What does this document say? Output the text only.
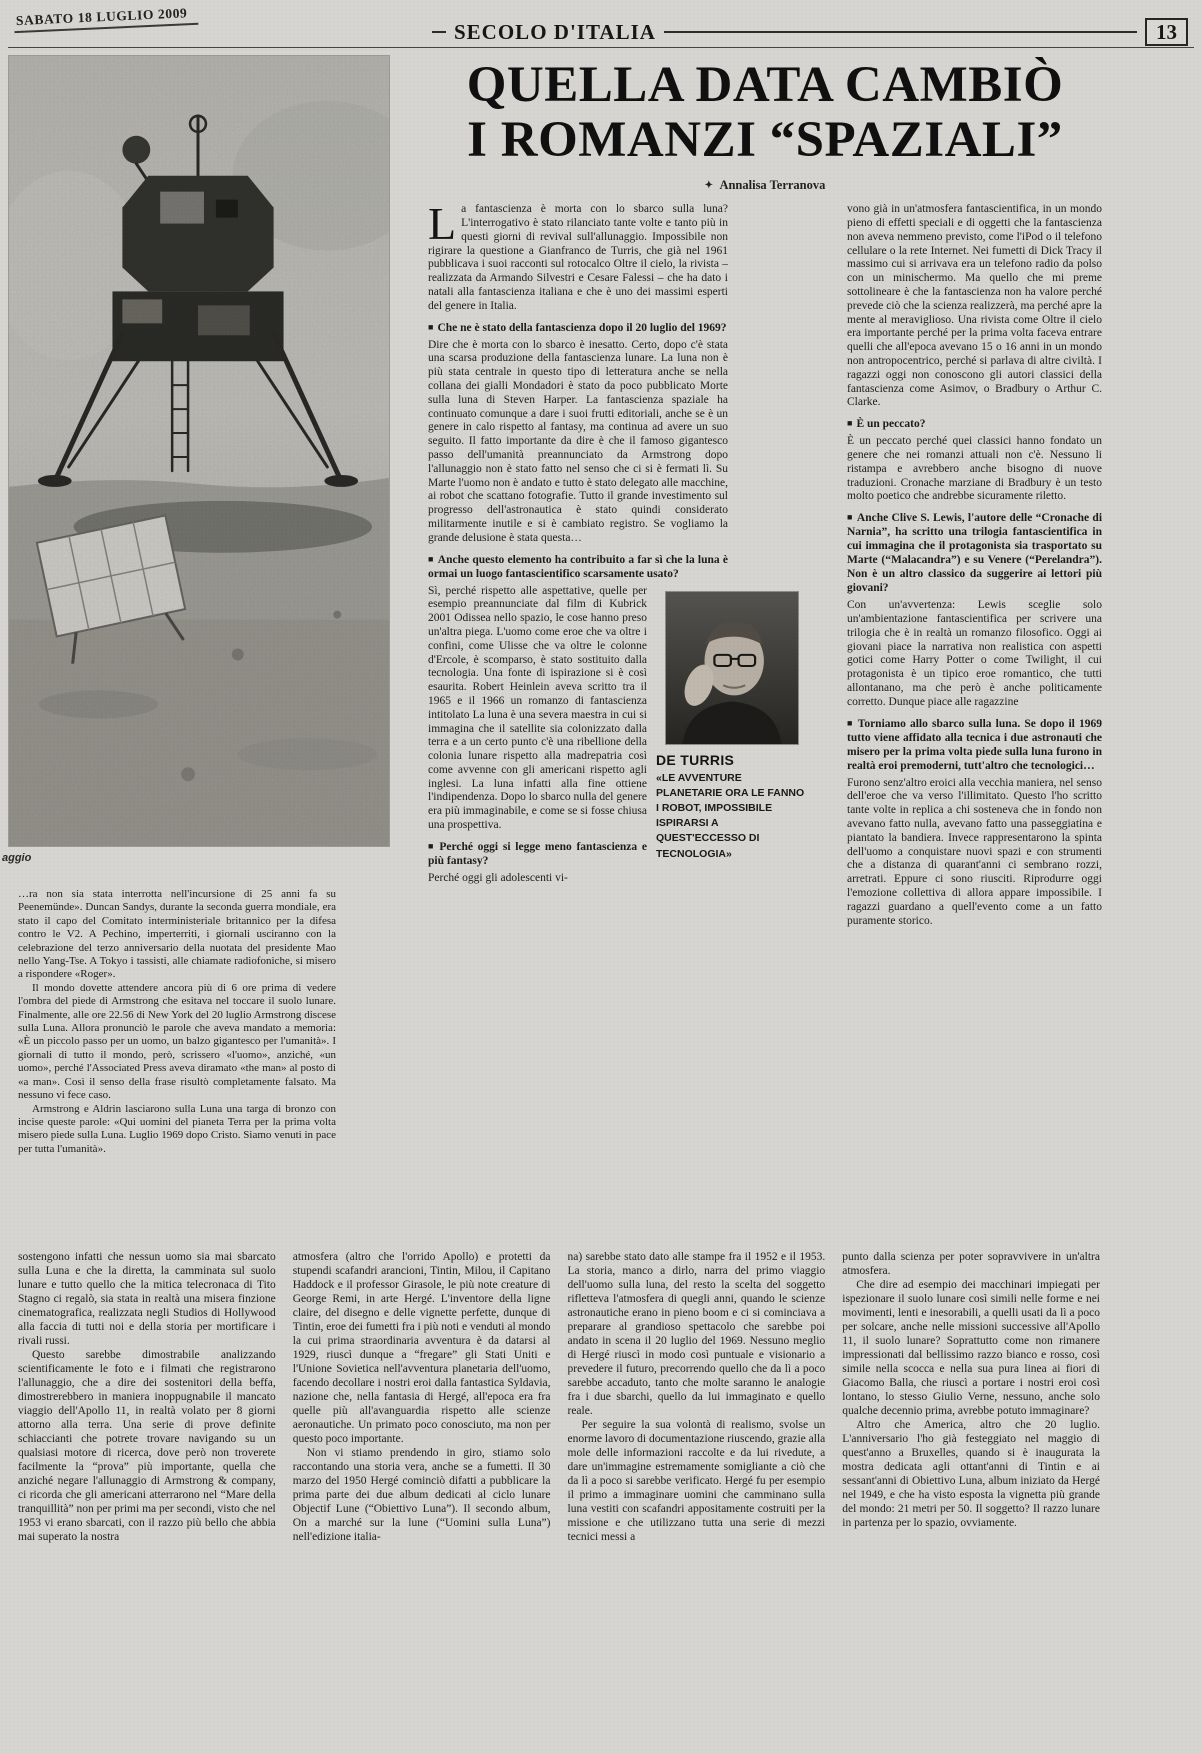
SABATO 18 LUGLIO 2009
SECOLO D'ITALIA	13
aggio

…ra non sia stata interrotta nell'incursione di 25 anni fa su Peenemünde». Duncan Sandys, durante la seconda guerra mondiale, era stato il capo del Comitato interministeriale britannico per la difesa contro le V2. A Pechino, imperterriti, i giornali usciranno con la celebrazione del terzo anniversario della nuotata del presidente Mao nello Yang-Tse. A Tokyo i tassisti, alle chiamate radiofoniche, si misero a rispondere «Roger».

Il mondo dovette attendere ancora più di 6 ore prima di vedere l'ombra del piede di Armstrong che esitava nel toccare il suolo lunare. Finalmente, alle ore 22.56 di New York del 20 luglio Armstrong discese sulla Luna. Allora pronunciò le parole che aveva mandato a memoria: «È un piccolo passo per un uomo, un balzo gigantesco per l'umanità». I giornali di tutto il mondo, però, scrissero «l'uomo», anziché, «un uomo», perché l'Associated Press aveva diramato «the man» al posto di «a man». Così il senso della frase risultò completamente falsato. Ma nessuno vi fece caso.

Armstrong e Aldrin lasciarono sulla Luna una targa di bronzo con incise queste parole: «Qui uomini del pianeta Terra per la prima volta misero piede sulla Luna. Luglio 1969 dopo Cristo. Siamo venuti in pace per tutta l'umanità».

QUELLA DATA CAMBIÒ
I ROMANZI “SPAZIALI”
✦ Annalisa Terranova

La fantascienza è morta con lo sbarco sulla luna? L'interrogativo è stato rilanciato tante volte e tanto più in questi giorni di revival sull'allunaggio. Impossibile non rigirare la questione a Gianfranco de Turris, che già nel 1961 pubblicava i suoi racconti sul rotocalco Oltre il cielo, la rivista – realizzata da Armando Silvestri e Cesare Falessi – che ha dato i natali alla fantascienza italiana e che è uno dei massimi esperti del genere in Italia.

■ Che ne è stato della fantascienza dopo il 20 luglio del 1969?

Dire che è morta con lo sbarco è inesatto. Certo, dopo c'è stata una scarsa produzione della fantascienza lunare. La luna non è più stata centrale in questo tipo di letteratura anche se nella collana dei gialli Mondadori è stato da poco pubblicato Morte sulla luna di Steven Harper. La fantascienza spaziale ha continuato comunque a dare i suoi frutti editoriali, anche se è un genere in calo rispetto al fantasy, ma continua ad avere un suo seguito. Il fatto importante da dire è che il famoso gigantesco passo dell'umanità preannunciato da Armstrong dopo l'allunaggio non è stato fatto nel senso che ci si è fermati lì. Su Marte l'uomo non è andato e tutto è stato delegato alle macchine, ai robot che scattano fotografie. Tutto il grande investimento sul progresso dell'astronautica è stato quindi considerato militarmente inutile e si è cambiato registro. Se vogliamo la grande delusione è stata questa…

■ Anche questo elemento ha contribuito a far sì che la luna è ormai un luogo fantascientifico scarsamente usato?

DE TURRIS
«LE AVVENTURE PLANETARIE ORA LE FANNO I ROBOT, IMPOSSIBILE ISPIRARSI A QUEST'ECCESSO DI TECNOLOGIA»

Sì, perché rispetto alle aspettative, quelle per esempio preannunciate dal film di Kubrick 2001 Odissea nello spazio, le cose hanno preso un'altra piega. L'uomo come eroe che va oltre i confini, come Ulisse che va oltre le colonne d'Ercole, è scomparso, è stato sostituito dalla tecnologia. Una fonte di ispirazione si è così esaurita. Robert Heinlein aveva scritto tra il 1965 e il 1966 un romanzo di fantascienza intitolato La luna è una severa maestra in cui si immagina che il satellite sia colonizzato dalla terra e a un certo punto c'è una ribellione della colonia lunare rispetto alla madrepatria così come avvenne con gli americani rispetto agli inglesi. La luna infatti alla fine ottiene l'indipendenza. Dopo lo sbarco nulla del genere era più immaginabile, e come se si fosse chiusa una prospettiva.

■ Perché oggi si legge meno fantascienza e più fantasy?

Perché oggi gli adolescenti vi-

vono già in un'atmosfera fantascientifica, in un mondo pieno di effetti speciali e di oggetti che la fantascienza non aveva nemmeno previsto, come l'iPod o il telefono cellulare o la rete Internet. Nei fumetti di Dick Tracy il massimo cui si arrivava era un telefono radio da polso con un minischermo. Ma quello che mi preme sottolineare è che la fantascienza non ha valore perché prevede ciò che la scienza realizzerà, ma perché apre la mente al meraviglioso. Una rivista come Oltre il cielo era importante perché per la prima volta faceva entrare quelli che all'epoca avevano 15 o 16 anni in un mondo non antropocentrico, perché si parlava di altre civiltà. I ragazzi oggi non conoscono gli autori classici della fantascienza come Asimov, o Bradbury o Arthur C. Clarke.

■ È un peccato?

È un peccato perché quei classici hanno fondato un genere che nei romanzi attuali non c'è. Nessuno li ristampa e avrebbero anche bisogno di nuove traduzioni. Cronache marziane di Bradbury è un testo molto poetico che andrebbe sicuramente riletto.

■ Anche Clive S. Lewis, l'autore delle “Cronache di Narnia”, ha scritto una trilogia fantascientifica in cui immagina che il protagonista sia trasportato su Marte (“Malacandra”) e su Venere (“Perelandra”). Non è un altro classico da suggerire ai lettori più giovani?

Con un'avvertenza: Lewis sceglie solo un'ambientazione fantascientifica per scrivere una trilogia che è in realtà un romanzo filosofico. Oggi ai giovani piace la narrativa non realistica con aspetti gotici come Harry Potter o come Twilight, il cui protagonista è un tipico eroe romantico, che tutti allontanano, ma che però è anche politicamente corretto. Dunque piace alle ragazzine

■ Torniamo allo sbarco sulla luna. Se dopo il 1969 tutto viene affidato alla tecnica i due astronauti che misero per la prima volta piede sulla luna furono in realtà eroi premoderni, tutt'altro che tecnologici…

Furono senz'altro eroici alla vecchia maniera, nel senso dell'eroe che va verso l'illimitato. Questo l'ho scritto tante volte in replica a chi sosteneva che in fondo non avevano fatto nulla, avevano fatto una passeggiatina e piantato la bandiera. Invece rappresentarono la spinta dell'uomo a conquistare nuovi spazi e con strumenti che a distanza di quarant'anni ci sembrano rozzi, arretrati. Eppure ci sono riusciti. Riprodurre oggi l'emozione collettiva di allora appare impossibile. I ragazzi guardano a quell'evento come a un fatto puramente storico.

sostengono infatti che nessun uomo sia mai sbarcato sulla Luna e che la diretta, la camminata sul suolo lunare e tutto quello che la mitica telecronaca di Tito Stagno ci regalò, sia stata in realtà una misera finzione cinematografica, realizzata negli Studios di Hollywood alla faccia di tutti noi e della storia per mortificare i rivali russi.

Questo sarebbe dimostrabile analizzando scientificamente le foto e i filmati che registrarono l'allunaggio, che a dire dei sostenitori della beffa, dimostrerebbero in maniera inoppugnabile il mancato viaggio dell'Apollo 11, in realtà volato per 8 giorni attorno alla terra. Una serie di prove definite schiaccianti che potrete trovare navigando su un qualsiasi motore di ricerca, dove però non troverete facilmente la “prova” più importante, quella che anziché negare l'allunaggio di Armstrong & company, ci ricorda che gli americani atterrarono nel “Mare della tranquillità” non per primi ma per secondi, visto che nel 1953 vi erano sbarcati, con il razzo più bello che abbia mai superato la nostra

atmosfera (altro che l'orrido Apollo) e protetti da stupendi scafandri arancioni, Tintin, Milou, il Capitano Haddock e il professor Girasole, le più note creature di George Remi, in arte Hergé. L'inventore della ligne claire, del disegno e delle vignette perfette, dunque di Tintin, eroe dei fumetti fra i più noti e venduti al mondo la cui prima straordinaria avventura è da datarsi al 1929, riuscì dunque a “fregare” gli Stati Uniti e l'Unione Sovietica nell'avventura planetaria dell'uomo, facendo decollare i nostri eroi dalla fantastica Syldavia, nazione che, nella fantasia di Hergé, all'epoca era fra quelle più all'avanguardia rispetto alle scienze aeronautiche. Un primato poco conosciuto, ma non per questo poco importante.

Non vi stiamo prendendo in giro, stiamo solo raccontando una storia vera, anche se a fumetti. Il 30 marzo del 1950 Hergé cominciò difatti a pubblicare la prima parte dei due album dedicati al ciclo lunare Objectif Lune (“Obiettivo Luna”). Il secondo album, On a marché sur la lune (“Uomini sulla Luna”) nell'edizione italia-

na) sarebbe stato dato alle stampe fra il 1952 e il 1953. La storia, manco a dirlo, narra del primo viaggio dell'uomo sulla luna, del resto la scelta del soggetto rifletteva l'atmosfera di quegli anni, quando le scienze astronautiche erano in pieno boom e ci si cominciava a preparare al grandioso spettacolo che sarebbe poi andato in scena il 20 luglio del 1969. Nessuno meglio di Hergé riuscì in modo così puntuale e visionario a prevedere il futuro, precorrendo quello che da lì a poco sarebbe accaduto, tanto che molte saranno le analogie fra i due sbarchi, quello da lui immaginato e quello reale.

Per seguire la sua volontà di realismo, svolse un enorme lavoro di documentazione riuscendo, grazie alla mole delle informazioni raccolte e da lui rivedute, a dare un'immagine estremamente somigliante a ciò che da lì a poco si sarebbe verificato. Hergé fu per esempio il primo a immaginare uomini che camminano sulla luna vestiti con scafandri appositamente costruiti per la missione e che utilizzano tutta una serie di mezzi tecnici messi a

punto dalla scienza per poter sopravvivere in un'altra atmosfera.

Che dire ad esempio dei macchinari impiegati per ispezionare il suolo lunare così simili nelle forme e nei movimenti, lenti e inesorabili, a quelli usati da lì a poco per solcare, anche nelle missioni successive all'Apollo 11, il suolo lunare? Soprattutto come non rimanere impressionati dal bellissimo razzo bianco e rosso, così simile nella scocca e nella sua pura linea ai fiori di Giacomo Balla, che riuscì a portare i nostri eroi così lontano, lo stesso Giulio Verne, nessuno, anche solo qualche decennio prima, avrebbe potuto immaginare?

Altro che America, altro che 20 luglio. L'anniversario l'ho già festeggiato nel maggio di quest'anno a Bruxelles, quando si è inaugurata la mostra dedicata agli ottant'anni di Tintin e ai sessant'anni di Obiettivo Luna, album iniziato da Hergé nel 1949, e che ha visto esposta la vignetta più grande del mondo: 21 metri per 50. Il soggetto? Il razzo lunare in partenza per lo spazio, ovviamente.
